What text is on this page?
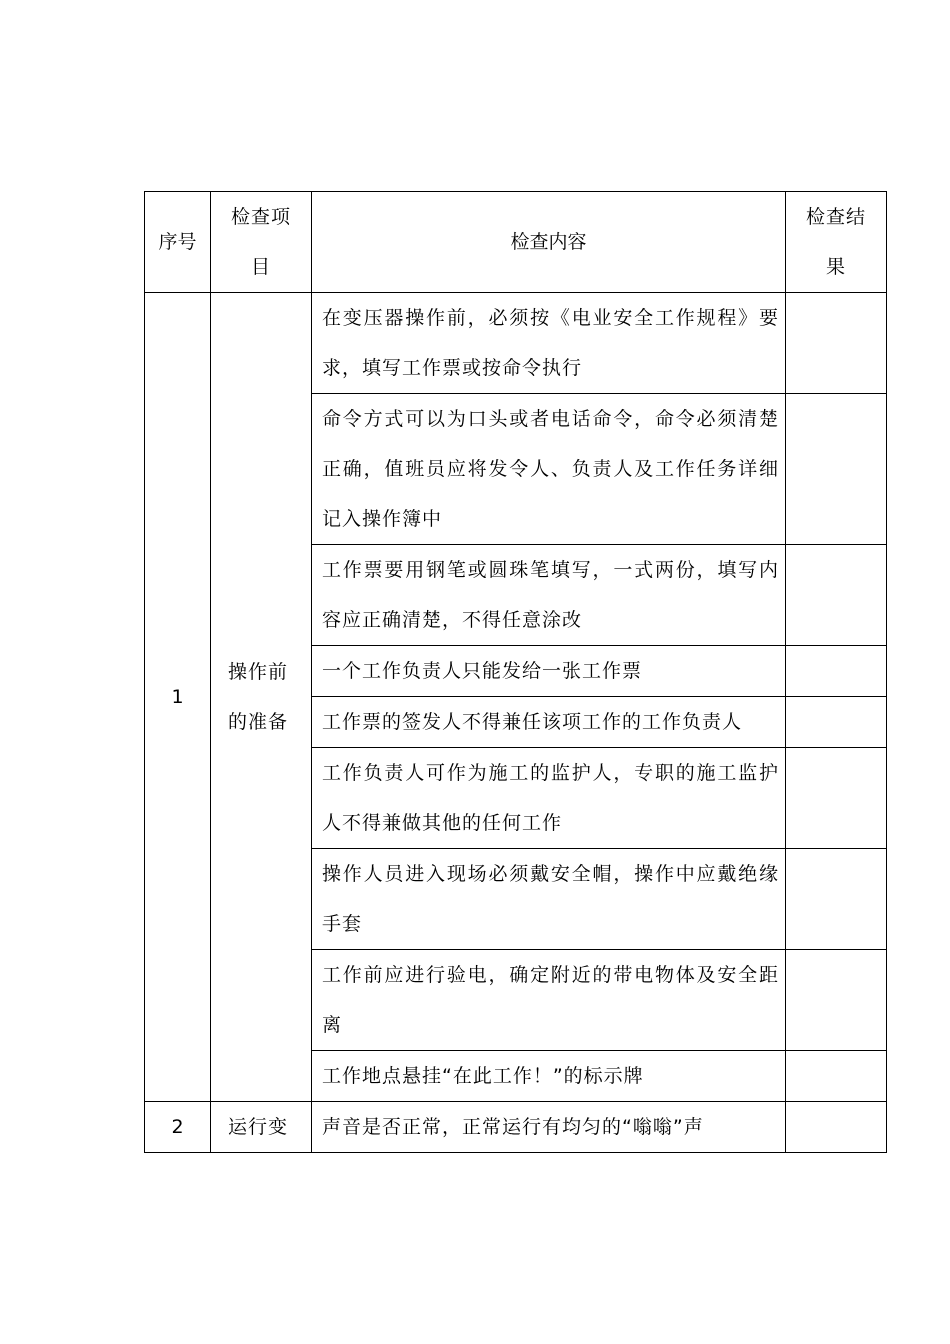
序号	检查项目	检查内容	检查结果
1	操作前的准备	在变压器操作前，必须按《电业安全工作规程》要求，填写工作票或按命令执行	
		命令方式可以为口头或者电话命令，命令必须清楚正确，值班员应将发令人、负责人及工作任务详细记入操作簿中	
		工作票要用钢笔或圆珠笔填写，一式两份，填写内容应正确清楚，不得任意涂改	
		一个工作负责人只能发给一张工作票	
		工作票的签发人不得兼任该项工作的工作负责人	
		工作负责人可作为施工的监护人，专职的施工监护人不得兼做其他的任何工作	
		操作人员进入现场必须戴安全帽，操作中应戴绝缘手套	
		工作前应进行验电，确定附近的带电物体及安全距离	
		工作地点悬挂“在此工作！”的标示牌	
2	运行变	声音是否正常，正常运行有均匀的“嗡嗡”声	
